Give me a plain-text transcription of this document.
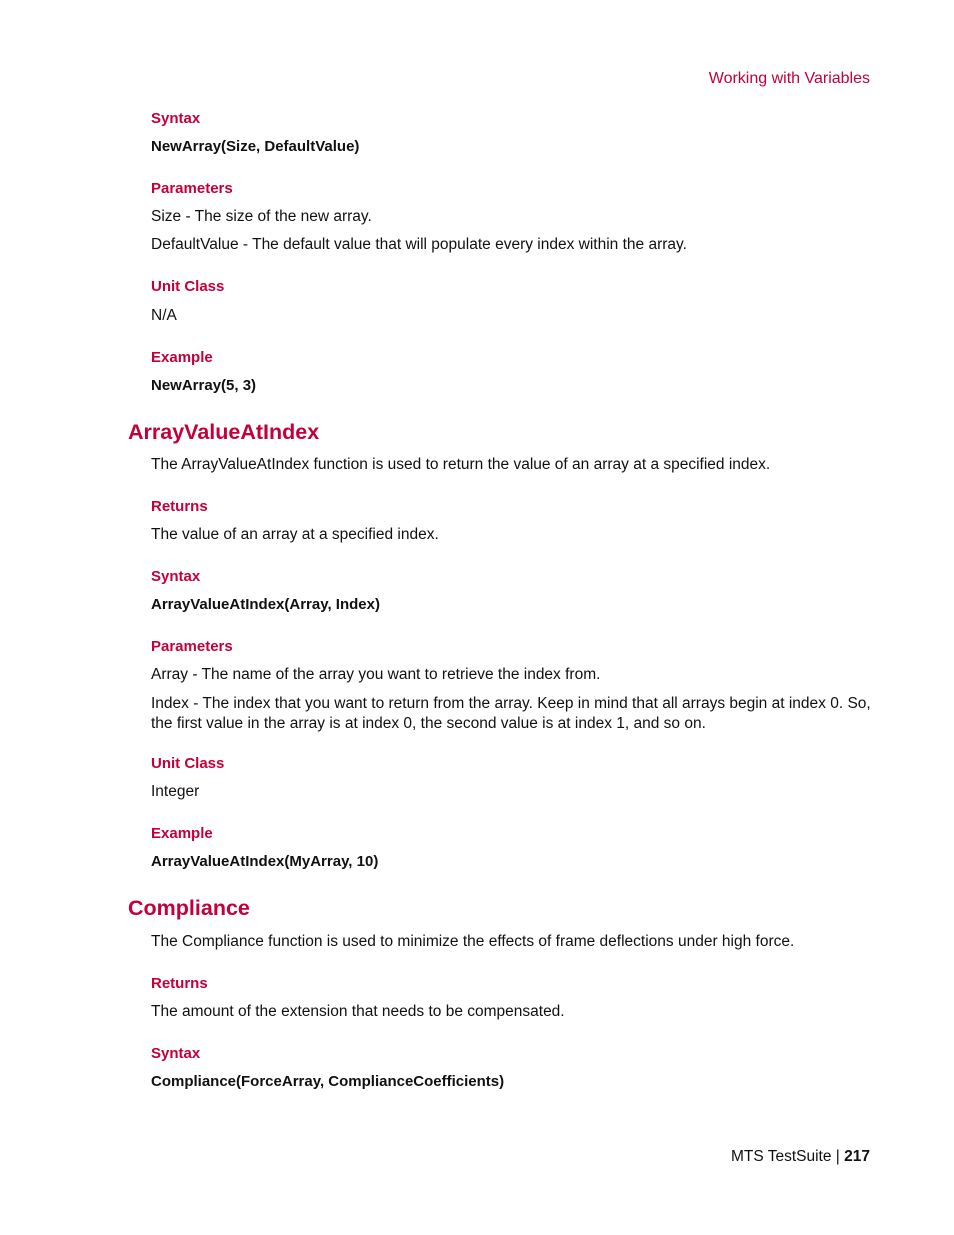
Working with Variables
Syntax
NewArray(Size, DefaultValue)
Parameters
Size - The size of the new array.
DefaultValue - The default value that will populate every index within the array.
Unit Class
N/A
Example
NewArray(5, 3)
ArrayValueAtIndex
The ArrayValueAtIndex function is used to return the value of an array at a specified index.
Returns
The value of an array at a specified index.
Syntax
ArrayValueAtIndex(Array, Index)
Parameters
Array - The name of the array you want to retrieve the index from.
Index - The index that you want to return from the array. Keep in mind that all arrays begin at index 0. So, the first value in the array is at index 0, the second value is at index 1, and so on.
Unit Class
Integer
Example
ArrayValueAtIndex(MyArray, 10)
Compliance
The Compliance function is used to minimize the effects of frame deflections under high force.
Returns
The amount of the extension that needs to be compensated.
Syntax
Compliance(ForceArray, ComplianceCoefficients)
MTS TestSuite | 217
